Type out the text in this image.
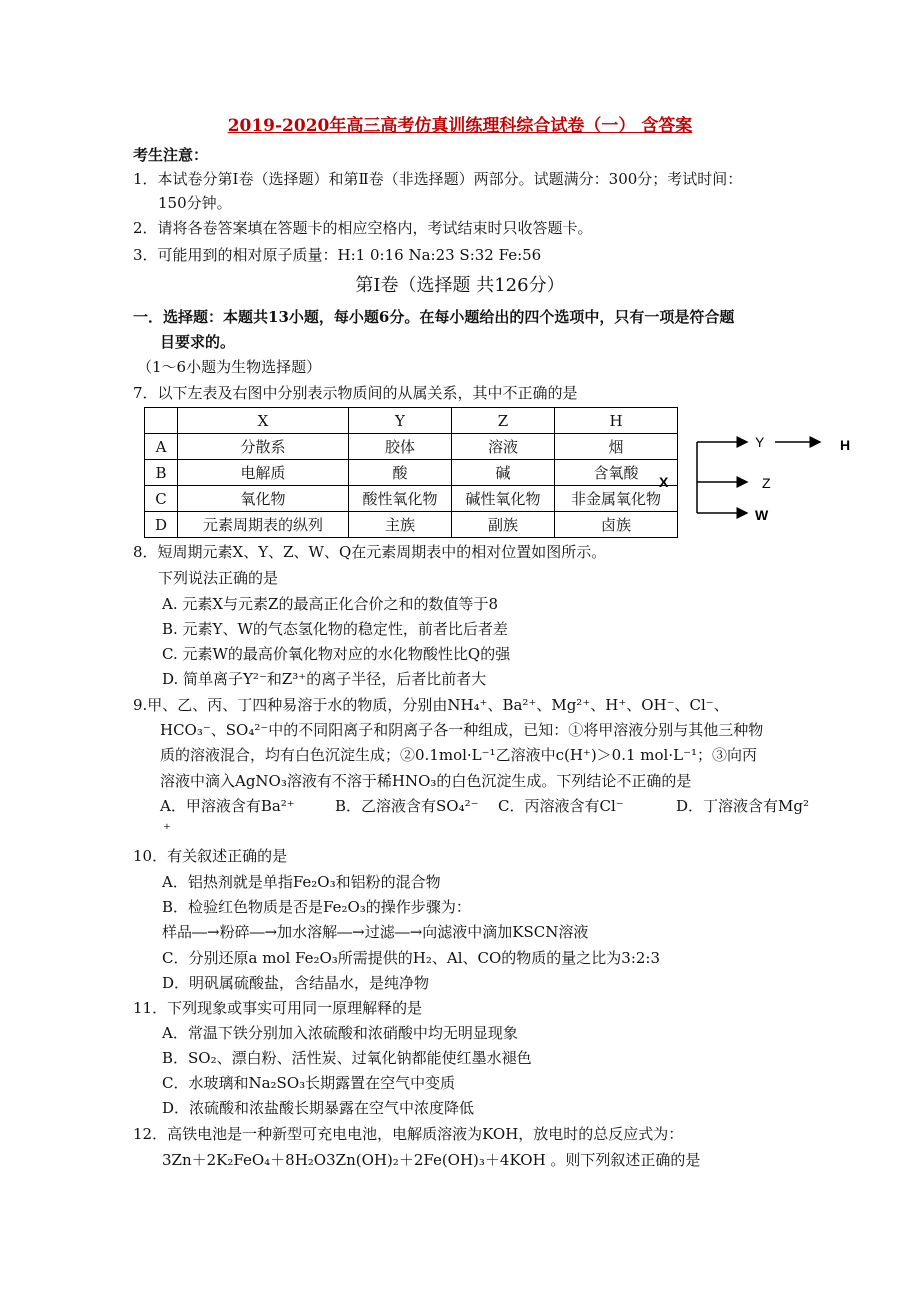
2019-2020年高三高考仿真训练理科综合试卷（一） 含答案
考生注意：
1．本试卷分第Ⅰ卷（选择题）和第Ⅱ卷（非选择题）两部分。试题满分：300分；考试时间：
150分钟。
2．请将各卷答案填在答题卡的相应空格内，考试结束时只收答题卡。
3．可能用到的相对原子质量：H:1 0:16 Na:23 S:32 Fe:56
第Ⅰ卷（选择题 共126分）
一．选择题：本题共13小题，每小题6分。在每小题给出的四个选项中，只有一项是符合题
目要求的。
（1～6小题为生物选择题）
7．以下左表及右图中分别表示物质间的从属关系，其中不正确的是
	X	Y	Z	H
A	分散系	胶体	溶液	烟
B	电解质	酸	碱	含氧酸
C	氧化物	酸性氧化物	碱性氧化物	非金属氧化物
D	元素周期表的纵列	主族	副族	卤族
X
Y	H
Z
W
8．短周期元素X、Y、Z、W、Q在元素周期表中的相对位置如图所示。
下列说法正确的是
A. 元素X与元素Z的最高正化合价之和的数值等于8
B. 元素Y、W的气态氢化物的稳定性，前者比后者差
C. 元素W的最高价氧化物对应的水化物酸性比Q的强
D. 简单离子Y²⁻和Z³⁺的离子半径，后者比前者大
9.甲、乙、丙、丁四种易溶于水的物质，分别由NH₄⁺、Ba²⁺、Mg²⁺、H⁺、OH⁻、Cl⁻、
HCO₃⁻、SO₄²⁻中的不同阳离子和阴离子各一种组成，已知：①将甲溶液分别与其他三种物
质的溶液混合，均有白色沉淀生成；②0.1mol·L⁻¹乙溶液中c(H⁺)＞0.1 mol·L⁻¹；③向丙
溶液中滴入AgNO₃溶液有不溶于稀HNO₃的白色沉淀生成。下列结论不正确的是
A．甲溶液含有Ba²⁺	B．乙溶液含有SO₄²⁻ C．丙溶液含有Cl⁻	D．丁溶液含有Mg²
⁺
10．有关叙述正确的是
A．铝热剂就是单指Fe₂O₃和铝粉的混合物
B．检验红色物质是否是Fe₂O₃的操作步骤为：
样品―→粉碎―→加水溶解―→过滤―→向滤液中滴加KSCN溶液
C．分别还原a mol Fe₂O₃所需提供的H₂、Al、CO的物质的量之比为3:2:3
D．明矾属硫酸盐，含结晶水，是纯净物
11．下列现象或事实可用同一原理解释的是
A．常温下铁分别加入浓硫酸和浓硝酸中均无明显现象
B．SO₂、漂白粉、活性炭、过氧化钠都能使红墨水褪色
C．水玻璃和Na₂SO₃长期露置在空气中变质
D．浓硫酸和浓盐酸长期暴露在空气中浓度降低
12．高铁电池是一种新型可充电电池，电解质溶液为KOH，放电时的总反应式为：
3Zn＋2K₂FeO₄＋8H₂O3Zn(OH)₂＋2Fe(OH)₃＋4KOH 。则下列叙述正确的是
